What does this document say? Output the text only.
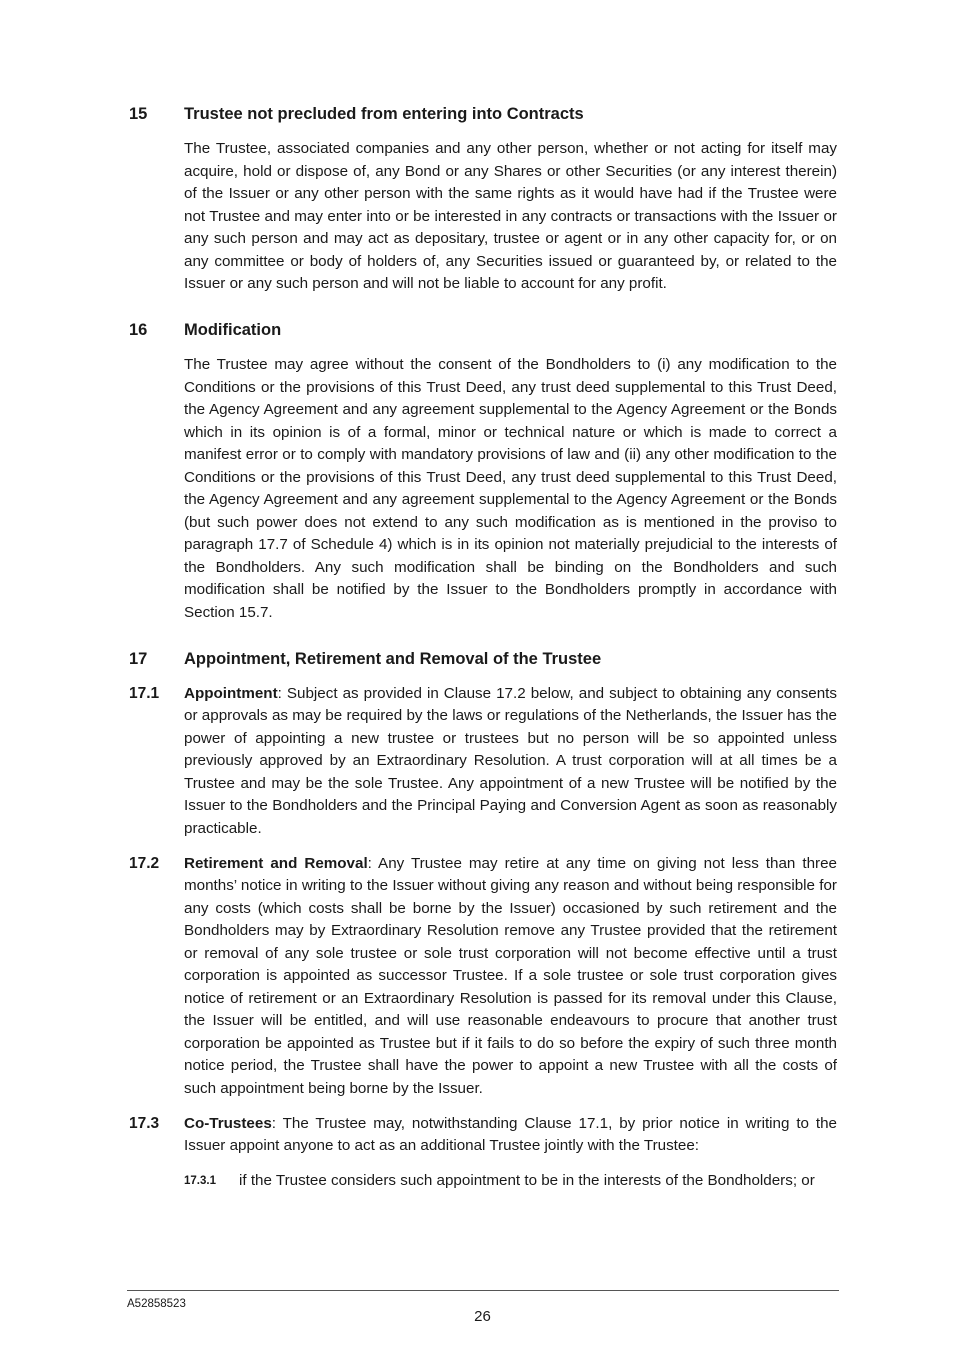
15 Trustee not precluded from entering into Contracts
The Trustee, associated companies and any other person, whether or not acting for itself may acquire, hold or dispose of, any Bond or any Shares or other Securities (or any interest therein) of the Issuer or any other person with the same rights as it would have had if the Trustee were not Trustee and may enter into or be interested in any contracts or transactions with the Issuer or any such person and may act as depositary, trustee or agent or in any other capacity for, or on any committee or body of holders of, any Securities issued or guaranteed by, or related to the Issuer or any such person and will not be liable to account for any profit.
16 Modification
The Trustee may agree without the consent of the Bondholders to (i) any modification to the Conditions or the provisions of this Trust Deed, any trust deed supplemental to this Trust Deed, the Agency Agreement and any agreement supplemental to the Agency Agreement or the Bonds which in its opinion is of a formal, minor or technical nature or which is made to correct a manifest error or to comply with mandatory provisions of law and (ii) any other modification to the Conditions or the provisions of this Trust Deed, any trust deed supplemental to this Trust Deed, the Agency Agreement and any agreement supplemental to the Agency Agreement or the Bonds (but such power does not extend to any such modification as is mentioned in the proviso to paragraph 17.7 of Schedule 4) which is in its opinion not materially prejudicial to the interests of the Bondholders. Any such modification shall be binding on the Bondholders and such modification shall be notified by the Issuer to the Bondholders promptly in accordance with Section 15.7.
17 Appointment, Retirement and Removal of the Trustee
17.1 Appointment: Subject as provided in Clause 17.2 below, and subject to obtaining any consents or approvals as may be required by the laws or regulations of the Netherlands, the Issuer has the power of appointing a new trustee or trustees but no person will be so appointed unless previously approved by an Extraordinary Resolution. A trust corporation will at all times be a Trustee and may be the sole Trustee. Any appointment of a new Trustee will be notified by the Issuer to the Bondholders and the Principal Paying and Conversion Agent as soon as reasonably practicable.
17.2 Retirement and Removal: Any Trustee may retire at any time on giving not less than three months’ notice in writing to the Issuer without giving any reason and without being responsible for any costs (which costs shall be borne by the Issuer) occasioned by such retirement and the Bondholders may by Extraordinary Resolution remove any Trustee provided that the retirement or removal of any sole trustee or sole trust corporation will not become effective until a trust corporation is appointed as successor Trustee. If a sole trustee or sole trust corporation gives notice of retirement or an Extraordinary Resolution is passed for its removal under this Clause, the Issuer will be entitled, and will use reasonable endeavours to procure that another trust corporation be appointed as Trustee but if it fails to do so before the expiry of such three month notice period, the Trustee shall have the power to appoint a new Trustee with all the costs of such appointment being borne by the Issuer.
17.3 Co-Trustees: The Trustee may, notwithstanding Clause 17.1, by prior notice in writing to the Issuer appoint anyone to act as an additional Trustee jointly with the Trustee:
17.3.1 if the Trustee considers such appointment to be in the interests of the Bondholders; or
A52858523
26
